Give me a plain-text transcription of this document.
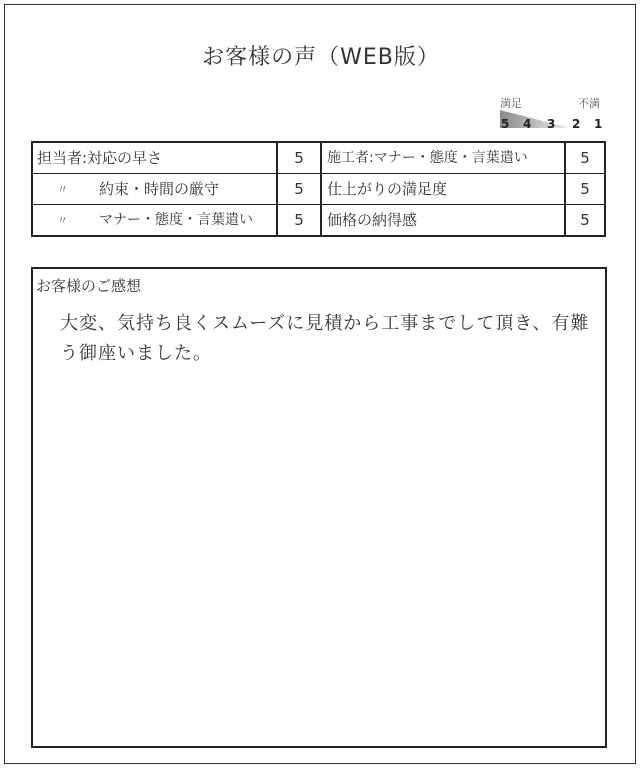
お客様の声（WEB版）
満足	不満
5 4 3 2 1
担当者:対応の早さ	5	施工者:マナー・態度・言葉遣い	5
〃	約束・時間の厳守	5	仕上がりの満足度	5
〃	マナー・態度・言葉遣い	5	価格の納得感	5
お客様のご感想
大変、気持ち良くスムーズに見積から工事までして頂き、有難う御座いました。
